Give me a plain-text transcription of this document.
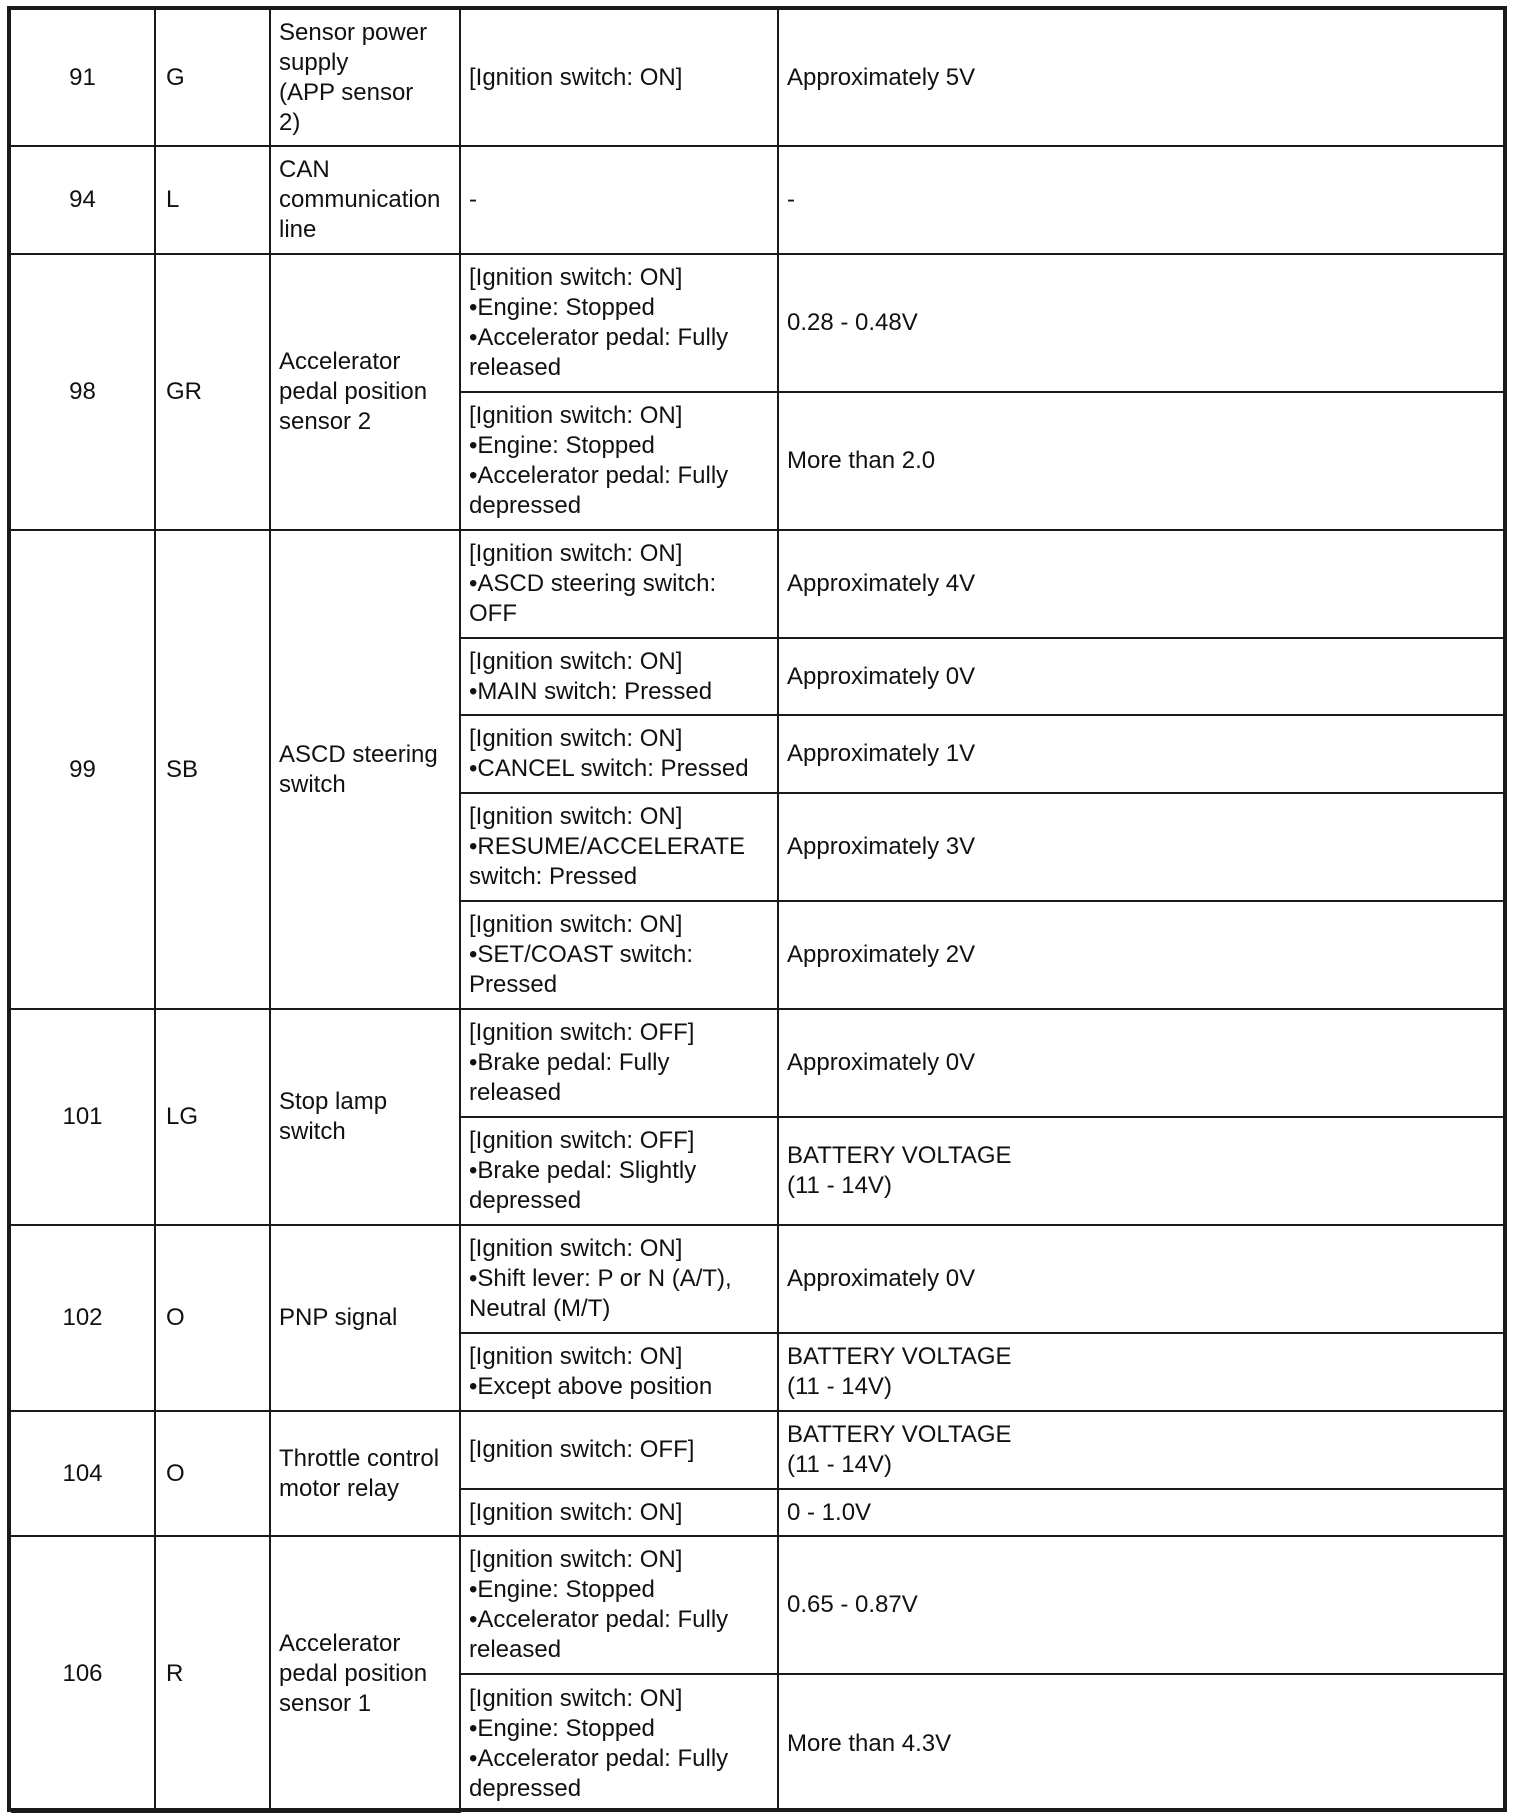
91	G	Sensor power
supply
(APP sensor
2)	[Ignition switch: ON]	Approximately 5V
94	L	CAN
communication
line	-	-
98	GR	Accelerator
pedal position
sensor 2	[Ignition switch: ON]
•Engine: Stopped
•Accelerator pedal: Fully
released	0.28 - 0.48V
			[Ignition switch: ON]
•Engine: Stopped
•Accelerator pedal: Fully
depressed	More than 2.0
99	SB	ASCD steering
switch	[Ignition switch: ON]
•ASCD steering switch:
OFF	Approximately 4V
			[Ignition switch: ON]
•MAIN switch: Pressed	Approximately 0V
			[Ignition switch: ON]
•CANCEL switch: Pressed	Approximately 1V
			[Ignition switch: ON]
•RESUME/ACCELERATE
switch: Pressed	Approximately 3V
			[Ignition switch: ON]
•SET/COAST switch:
Pressed	Approximately 2V
101	LG	Stop lamp
switch	[Ignition switch: OFF]
•Brake pedal: Fully
released	Approximately 0V
			[Ignition switch: OFF]
•Brake pedal: Slightly
depressed	BATTERY VOLTAGE
(11 - 14V)
102	O	PNP signal	[Ignition switch: ON]
•Shift lever: P or N (A/T),
Neutral (M/T)	Approximately 0V
			[Ignition switch: ON]
•Except above position	BATTERY VOLTAGE
(11 - 14V)
104	O	Throttle control
motor relay	[Ignition switch: OFF]	BATTERY VOLTAGE
(11 - 14V)
			[Ignition switch: ON]	0 - 1.0V
106	R	Accelerator
pedal position
sensor 1	[Ignition switch: ON]
•Engine: Stopped
•Accelerator pedal: Fully
released	0.65 - 0.87V
			[Ignition switch: ON]
•Engine: Stopped
•Accelerator pedal: Fully
depressed	More than 4.3V
